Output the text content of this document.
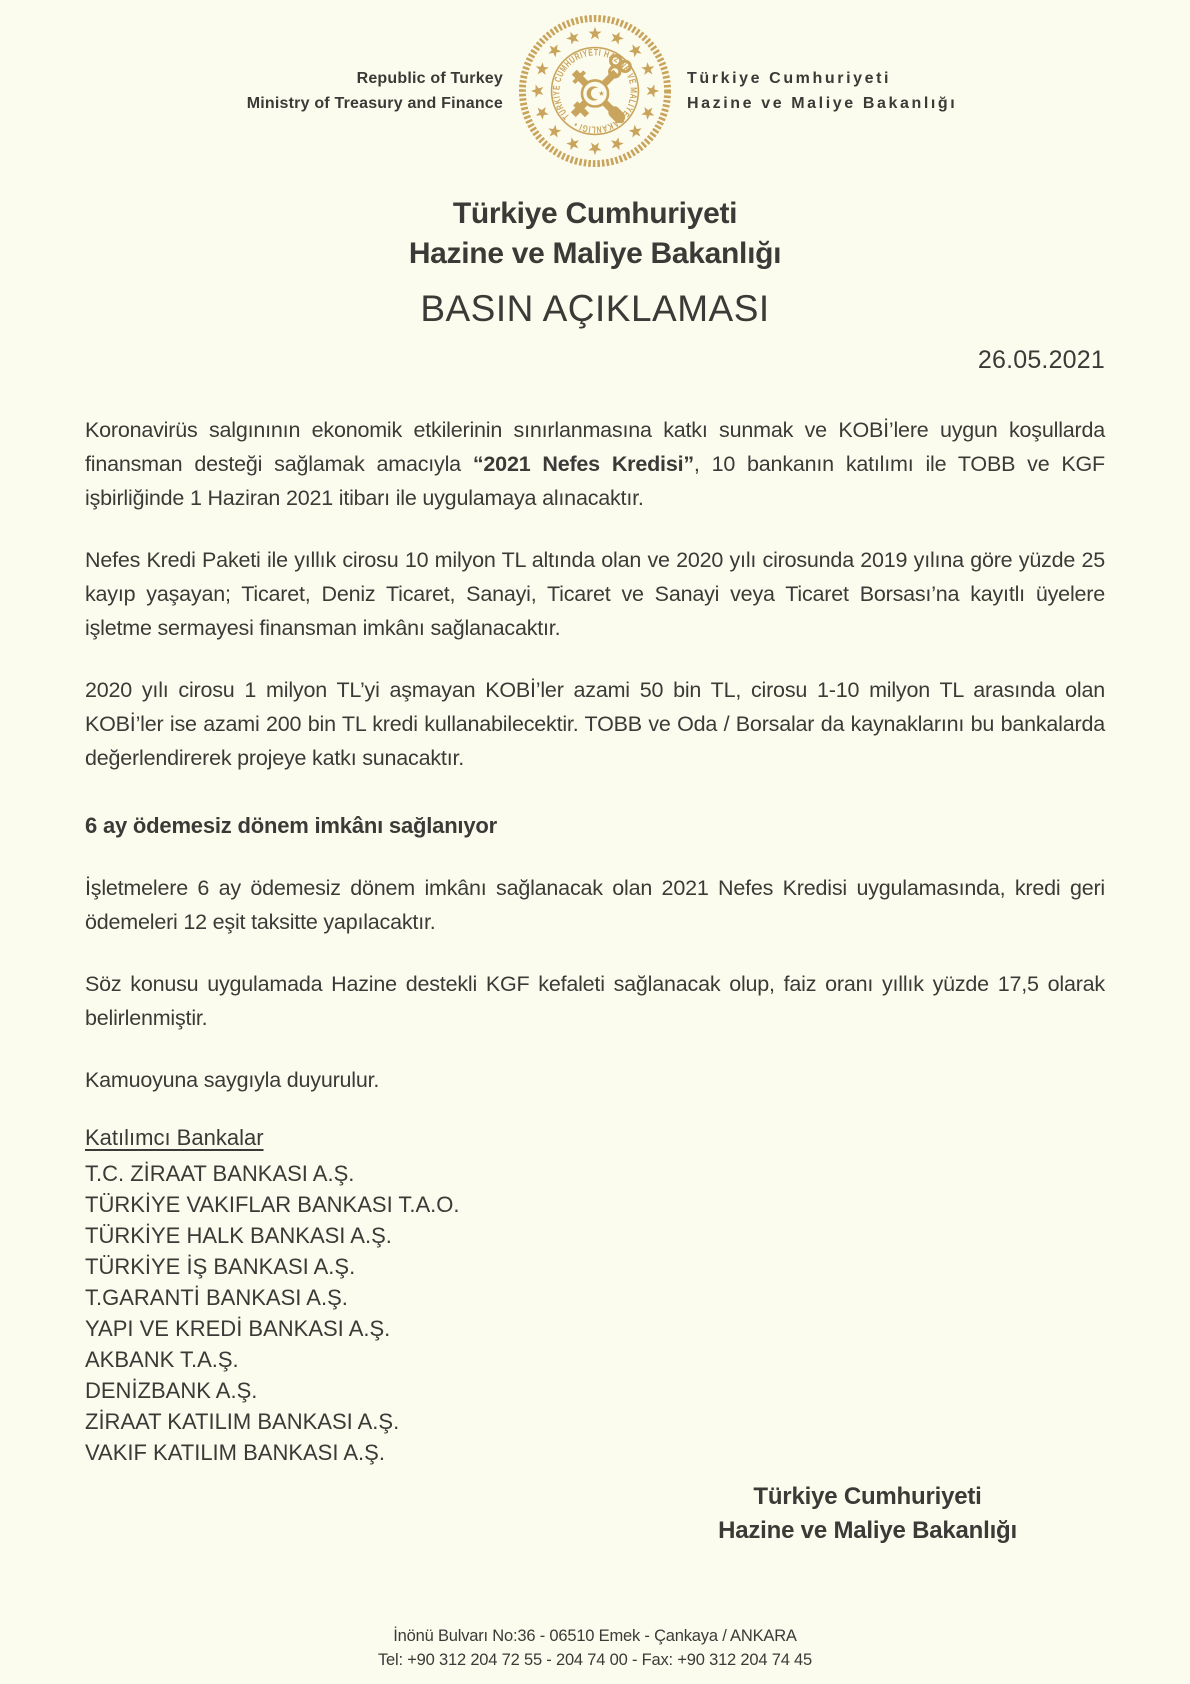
Republic of Turkey
Ministry of Treasury and Finance
TÜRKİYE CUMHURİYETİ HAZİNE VE MALİYE BAKANLIĞI •
Türkiye Cumhuriyeti
Hazine ve Maliye Bakanlığı
Türkiye Cumhuriyeti
Hazine ve Maliye Bakanlığı
BASIN AÇIKLAMASI
26.05.2021

Koronavirüs salgınının ekonomik etkilerinin sınırlanmasına katkı sunmak ve KOBİ’lere uygun koşullarda finansman desteği sağlamak amacıyla “2021 Nefes Kredisi”, 10 bankanın katılımı ile TOBB ve KGF işbirliğinde 1 Haziran 2021 itibarı ile uygulamaya alınacaktır.

Nefes Kredi Paketi ile yıllık cirosu 10 milyon TL altında olan ve 2020 yılı cirosunda 2019 yılına göre yüzde 25 kayıp yaşayan; Ticaret, Deniz Ticaret, Sanayi, Ticaret ve Sanayi veya Ticaret Borsası’na kayıtlı üyelere işletme sermayesi finansman imkânı sağlanacaktır.

2020 yılı cirosu 1 milyon TL’yi aşmayan KOBİ’ler azami 50 bin TL, cirosu 1-10 milyon TL arasında olan KOBİ’ler ise azami 200 bin TL kredi kullanabilecektir. TOBB ve Oda / Borsalar da kaynaklarını bu bankalarda değerlendirerek projeye katkı sunacaktır.

6 ay ödemesiz dönem imkânı sağlanıyor

İşletmelere 6 ay ödemesiz dönem imkânı sağlanacak olan 2021 Nefes Kredisi uygulamasında, kredi geri ödemeleri 12 eşit taksitte yapılacaktır.

Söz konusu uygulamada Hazine destekli KGF kefaleti sağlanacak olup, faiz oranı yıllık yüzde 17,5 olarak belirlenmiştir.

Kamuoyuna saygıyla duyurulur.

Katılımcı Bankalar
T.C. ZİRAAT BANKASI A.Ş.
TÜRKİYE VAKIFLAR BANKASI T.A.O.
TÜRKİYE HALK BANKASI A.Ş.
TÜRKİYE İŞ BANKASI A.Ş.
T.GARANTİ BANKASI A.Ş.
YAPI VE KREDİ BANKASI A.Ş.
AKBANK T.A.Ş.
DENİZBANK A.Ş.
ZİRAAT KATILIM BANKASI A.Ş.
VAKIF KATILIM BANKASI A.Ş.
Türkiye Cumhuriyeti
Hazine ve Maliye Bakanlığı
İnönü Bulvarı No:36 - 06510 Emek - Çankaya / ANKARA
Tel: +90 312 204 72 55 - 204 74 00 - Fax: +90 312 204 74 45
